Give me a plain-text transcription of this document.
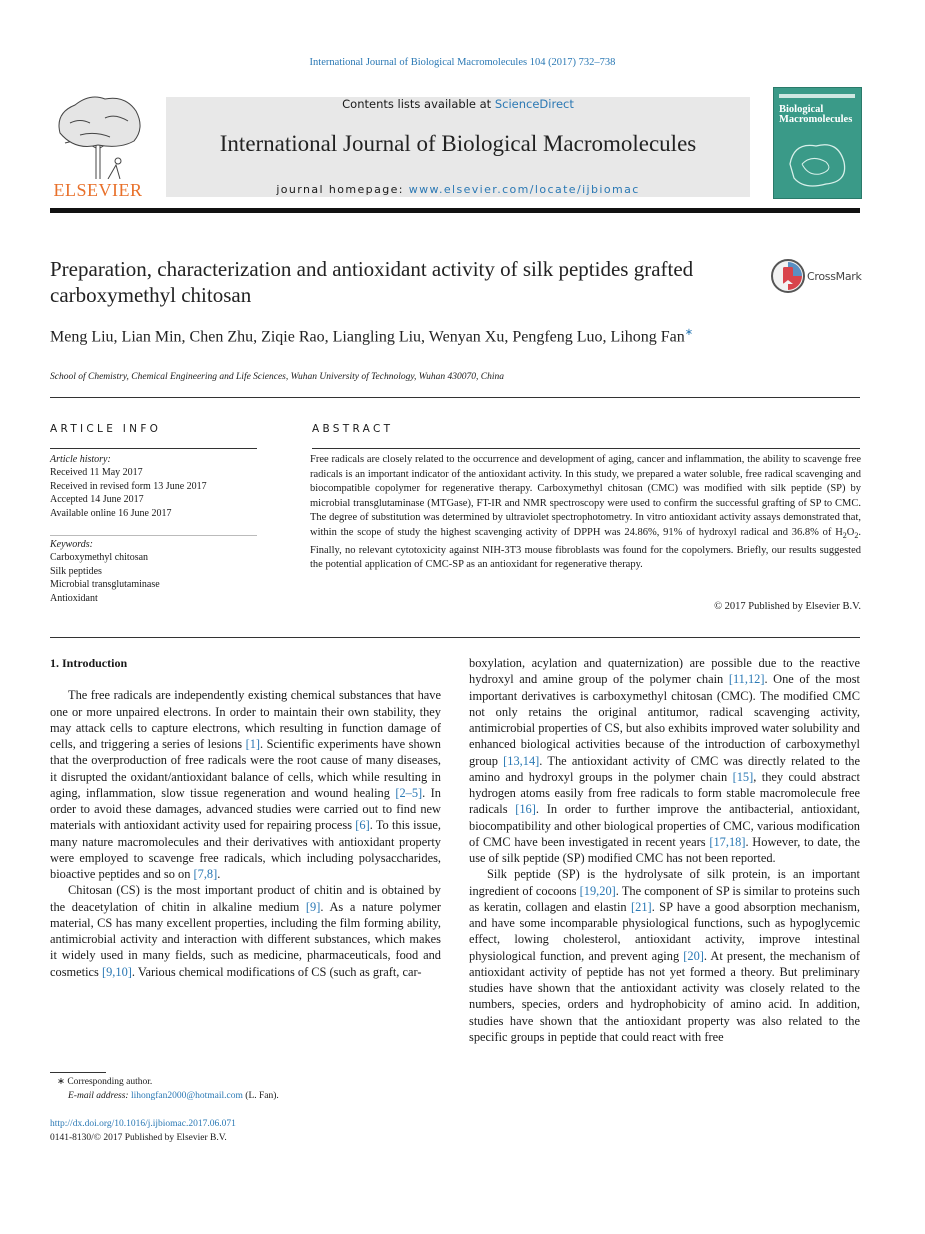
International Journal of Biological Macromolecules 104 (2017) 732–738
ELSEVIER
Contents lists available at ScienceDirect
International Journal of Biological Macromolecules
journal homepage: www.elsevier.com/locate/ijbiomac
Biological Macromolecules
Preparation, characterization and antioxidant activity of silk peptides grafted carboxymethyl chitosan
CrossMark
Meng Liu, Lian Min, Chen Zhu, Ziqie Rao, Liangling Liu, Wenyan Xu, Pengfeng Luo, Lihong Fan∗
School of Chemistry, Chemical Engineering and Life Sciences, Wuhan University of Technology, Wuhan 430070, China
ARTICLE INFO
Article history:
Received 11 May 2017
Received in revised form 13 June 2017
Accepted 14 June 2017
Available online 16 June 2017
Keywords:
Carboxymethyl chitosan
Silk peptides
Microbial transglutaminase
Antioxidant
ABSTRACT
Free radicals are closely related to the occurrence and development of aging, cancer and inflammation, the ability to scavenge free radicals is an important indicator of the antioxidant activity. In this study, we prepared a water soluble, free radical scavenging and biocompatible copolymer for regenerative therapy. Carboxymethyl chitosan (CMC) was modified with silk peptide (SP) by microbial transglutaminase (MTGase), FT-IR and NMR spectroscopy were used to confirm the successful grafting of SP to CMC. The degree of substitution was determined by ultraviolet spectrophotometry. In vitro antioxidant activity assays demonstrated that, within the scope of study the highest scavenging activity of DPPH was 24.86%, 91% of hydroxyl radical and 36.8% of $H_2O_2$. Finally, no relevant cytotoxicity against NIH-3T3 mouse fibroblasts was found for the copolymers. Briefly, our results suggested the potential application of CMC-SP as an antioxidant for regenerative therapy.
© 2017 Published by Elsevier B.V.

1. Introduction

The free radicals are independently existing chemical substances that have one or more unpaired electrons. In order to maintain their own stability, they may attack cells to capture electrons, which resulting in function damage of cells, and triggering a series of lesions [1]. Scientific experiments have shown that the overproduction of free radicals were the root cause of many diseases, it disrupted the oxidant/antioxidant balance of cells, which while resulting in aging, inflammation, slow tissue regeneration and wound healing [2–5]. In order to avoid these damages, advanced studies were carried out to find new materials with antioxidant activity used for repairing process [6]. To this issue, many nature macromolecules and their derivatives with antioxidant property were employed to scavenge free radicals, which including polysaccharides, bioactive peptides and so on [7,8].

Chitosan (CS) is the most important product of chitin and is obtained by the deacetylation of chitin in alkaline medium [9]. As a nature polymer material, CS has many excellent properties, including the film forming ability, antimicrobial activity and interaction with different substances, which makes it widely used in many fields, such as medicine, pharmaceuticals, food and cosmetics [9,10]. Various chemical modifications of CS (such as graft, car-

boxylation, acylation and quaternization) are possible due to the reactive hydroxyl and amine group of the polymer chain [11,12]. One of the most important derivatives is carboxymethyl chitosan (CMC). The modified CMC not only retains the original antitumor, radical scavenging activity, antimicrobial properties of CS, but also exhibits improved water solubility and enhanced biological activities because of the introduction of carboxymethyl group [13,14]. The antioxidant activity of CMC was directly related to the amino and hydroxyl groups in the polymer chain [15], they could abstract hydrogen atoms easily from free radicals to form stable macromolecule free radicals [16]. In order to further improve the antibacterial, antioxidant, biocompatibility and other biological properties of CMC, various modification of CMC have been investigated in recent years [17,18]. However, to date, the use of silk peptide (SP) modified CMC has not been reported.

Silk peptide (SP) is the hydrolysate of silk protein, is an important ingredient of cocoons [19,20]. The component of SP is similar to proteins such as keratin, collagen and elastin [21]. SP have a good absorption mechanism, and have some incomparable physiological functions, such as hypoglycemic effect, lowing cholesterol, antioxidant activity, improve intestinal physiological function, and prevent aging [20]. At present, the mechanism of antioxidant activity of peptide has not yet formed a theory. But preliminary studies have shown that the antioxidant activity was closely related to the numbers, species, orders and hydrophobicity of amino acid. In addition, studies have shown that the antioxidant property was also related to the specific groups in peptide that could react with free

∗ Corresponding author.
E-mail address: lihongfan2000@hotmail.com (L. Fan).
http://dx.doi.org/10.1016/j.ijbiomac.2017.06.071
0141-8130/© 2017 Published by Elsevier B.V.
